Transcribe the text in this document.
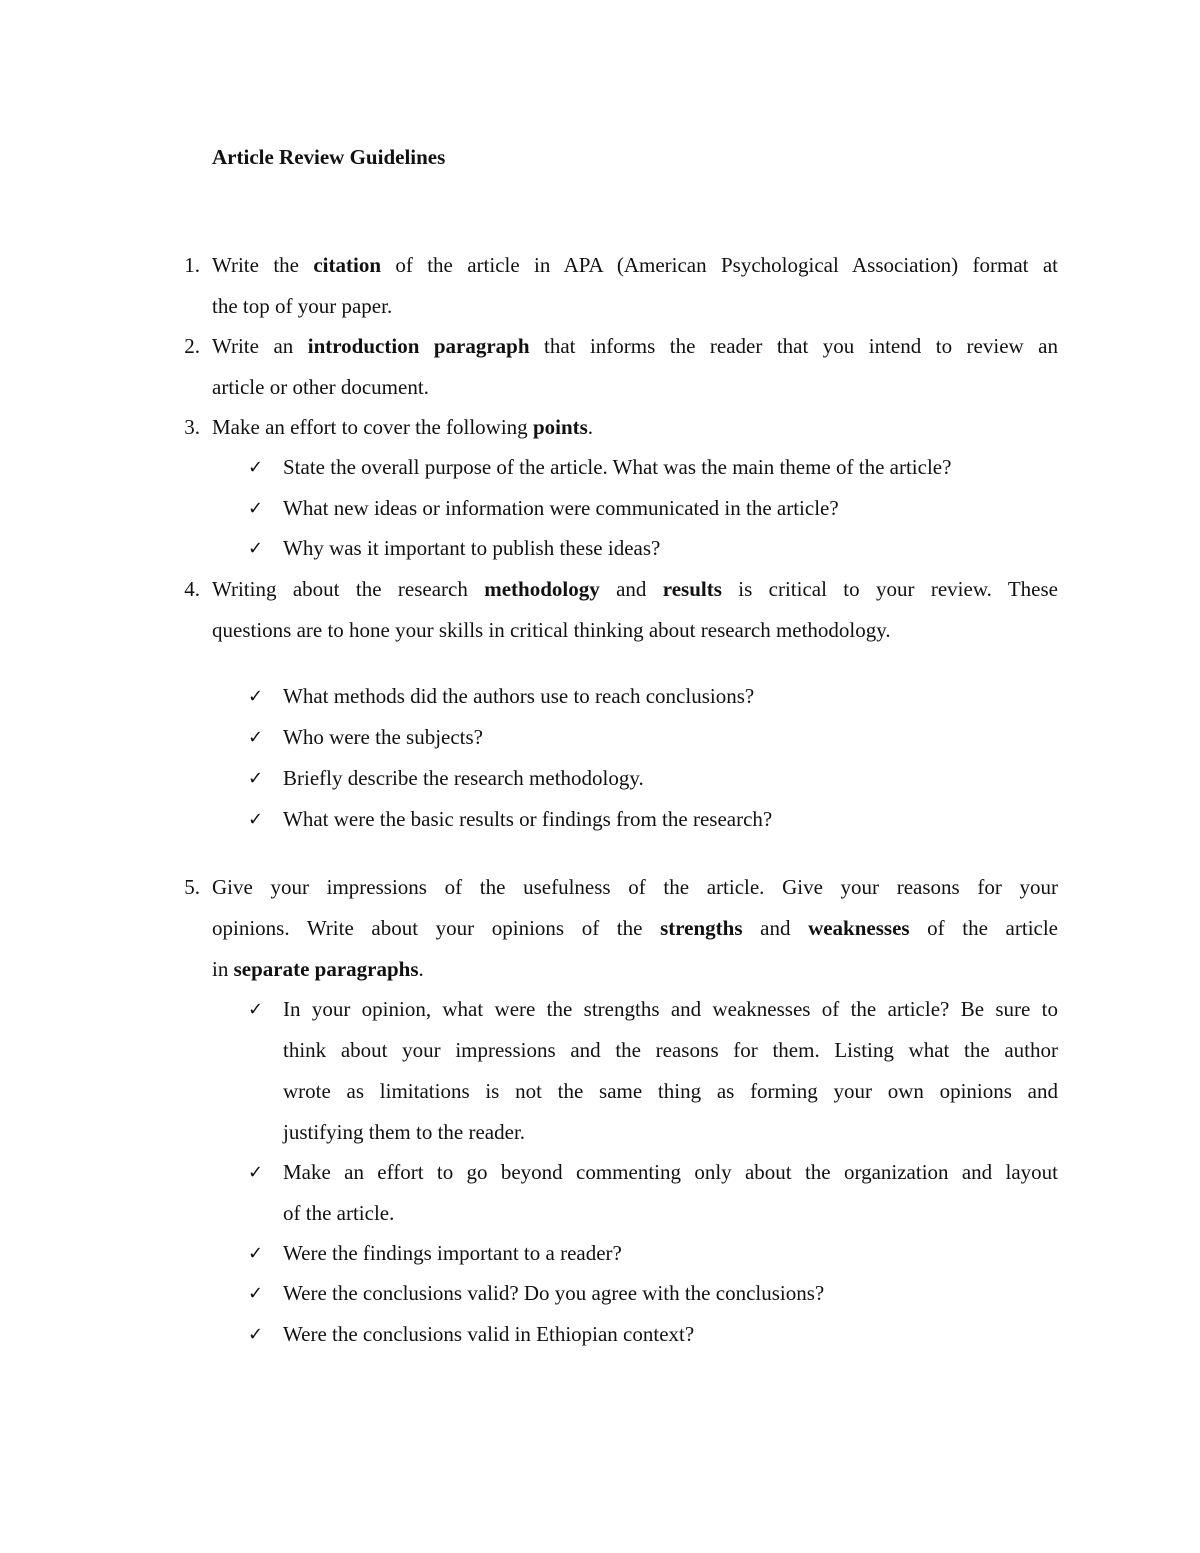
Article Review Guidelines
1. Write the citation of the article in APA (American Psychological Association) format at
the top of your paper.
2. Write an introduction paragraph that informs the reader that you intend to review an
article or other document.
3. Make an effort to cover the following points.
✓ State the overall purpose of the article. What was the main theme of the article?
✓ What new ideas or information were communicated in the article?
✓ Why was it important to publish these ideas?
4. Writing about the research methodology and results is critical to your review. These
questions are to hone your skills in critical thinking about research methodology.
✓ What methods did the authors use to reach conclusions?
✓ Who were the subjects?
✓ Briefly describe the research methodology.
✓ What were the basic results or findings from the research?
5. Give your impressions of the usefulness of the article. Give your reasons for your
opinions. Write about your opinions of the strengths and weaknesses of the article
in separate paragraphs.
✓ In your opinion, what were the strengths and weaknesses of the article? Be sure to
think about your impressions and the reasons for them. Listing what the author
wrote as limitations is not the same thing as forming your own opinions and
justifying them to the reader.
✓ Make an effort to go beyond commenting only about the organization and layout
of the article.
✓ Were the findings important to a reader?
✓ Were the conclusions valid? Do you agree with the conclusions?
✓ Were the conclusions valid in Ethiopian context?
